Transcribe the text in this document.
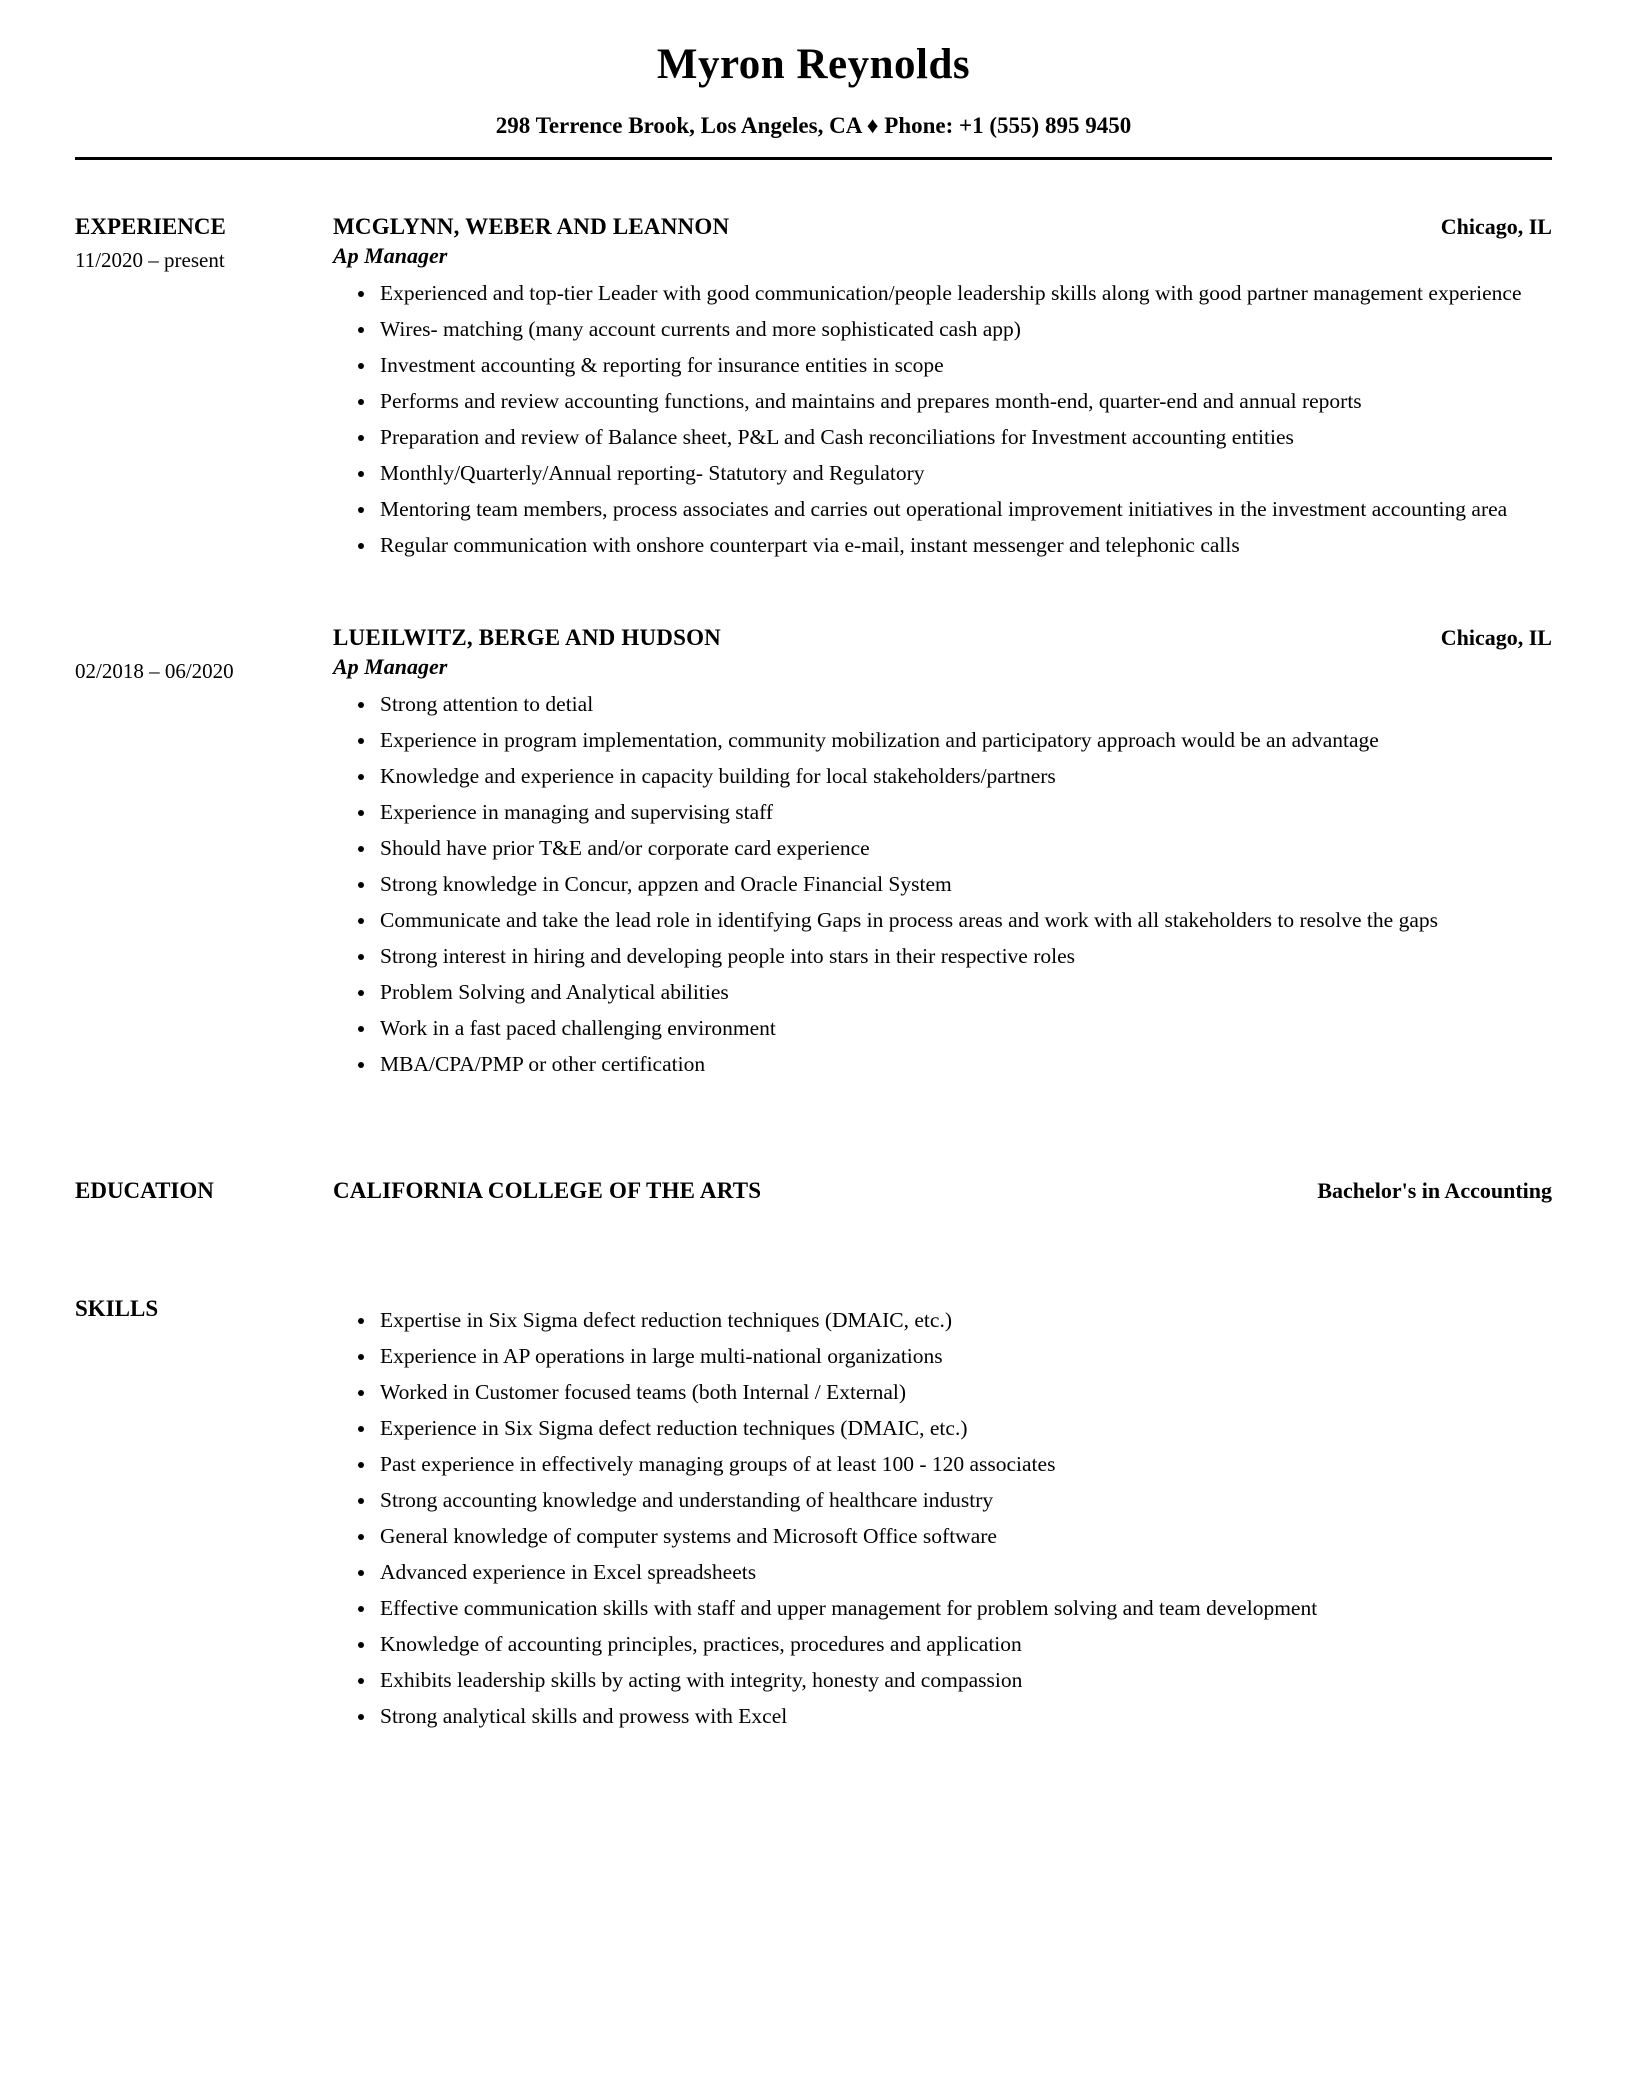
Myron Reynolds
298 Terrence Brook, Los Angeles, CA ♦ Phone: +1 (555) 895 9450
EXPERIENCE
11/2020 – present
MCGLYNN, WEBER AND LEANNON	Chicago, IL
Ap Manager
• Experienced and top-tier Leader with good communication/people leadership skills along with good partner management experience
• Wires- matching (many account currents and more sophisticated cash app)
• Investment accounting & reporting for insurance entities in scope
• Performs and review accounting functions, and maintains and prepares month-end, quarter-end and annual reports
• Preparation and review of Balance sheet, P&L and Cash reconciliations for Investment accounting entities
• Monthly/Quarterly/Annual reporting- Statutory and Regulatory
• Mentoring team members, process associates and carries out operational improvement initiatives in the investment accounting area
• Regular communication with onshore counterpart via e-mail, instant messenger and telephonic calls
02/2018 – 06/2020
LUEILWITZ, BERGE AND HUDSON	Chicago, IL
Ap Manager
• Strong attention to detial
• Experience in program implementation, community mobilization and participatory approach would be an advantage
• Knowledge and experience in capacity building for local stakeholders/partners
• Experience in managing and supervising staff
• Should have prior T&E and/or corporate card experience
• Strong knowledge in Concur, appzen and Oracle Financial System
• Communicate and take the lead role in identifying Gaps in process areas and work with all stakeholders to resolve the gaps
• Strong interest in hiring and developing people into stars in their respective roles
• Problem Solving and Analytical abilities
• Work in a fast paced challenging environment
• MBA/CPA/PMP or other certification
EDUCATION	CALIFORNIA COLLEGE OF THE ARTS	Bachelor's in Accounting
SKILLS	• Expertise in Six Sigma defect reduction techniques (DMAIC, etc.)
• Experience in AP operations in large multi-national organizations
• Worked in Customer focused teams (both Internal / External)
• Experience in Six Sigma defect reduction techniques (DMAIC, etc.)
• Past experience in effectively managing groups of at least 100 - 120 associates
• Strong accounting knowledge and understanding of healthcare industry
• General knowledge of computer systems and Microsoft Office software
• Advanced experience in Excel spreadsheets
• Effective communication skills with staff and upper management for problem solving and team development
• Knowledge of accounting principles, practices, procedures and application
• Exhibits leadership skills by acting with integrity, honesty and compassion
• Strong analytical skills and prowess with Excel
